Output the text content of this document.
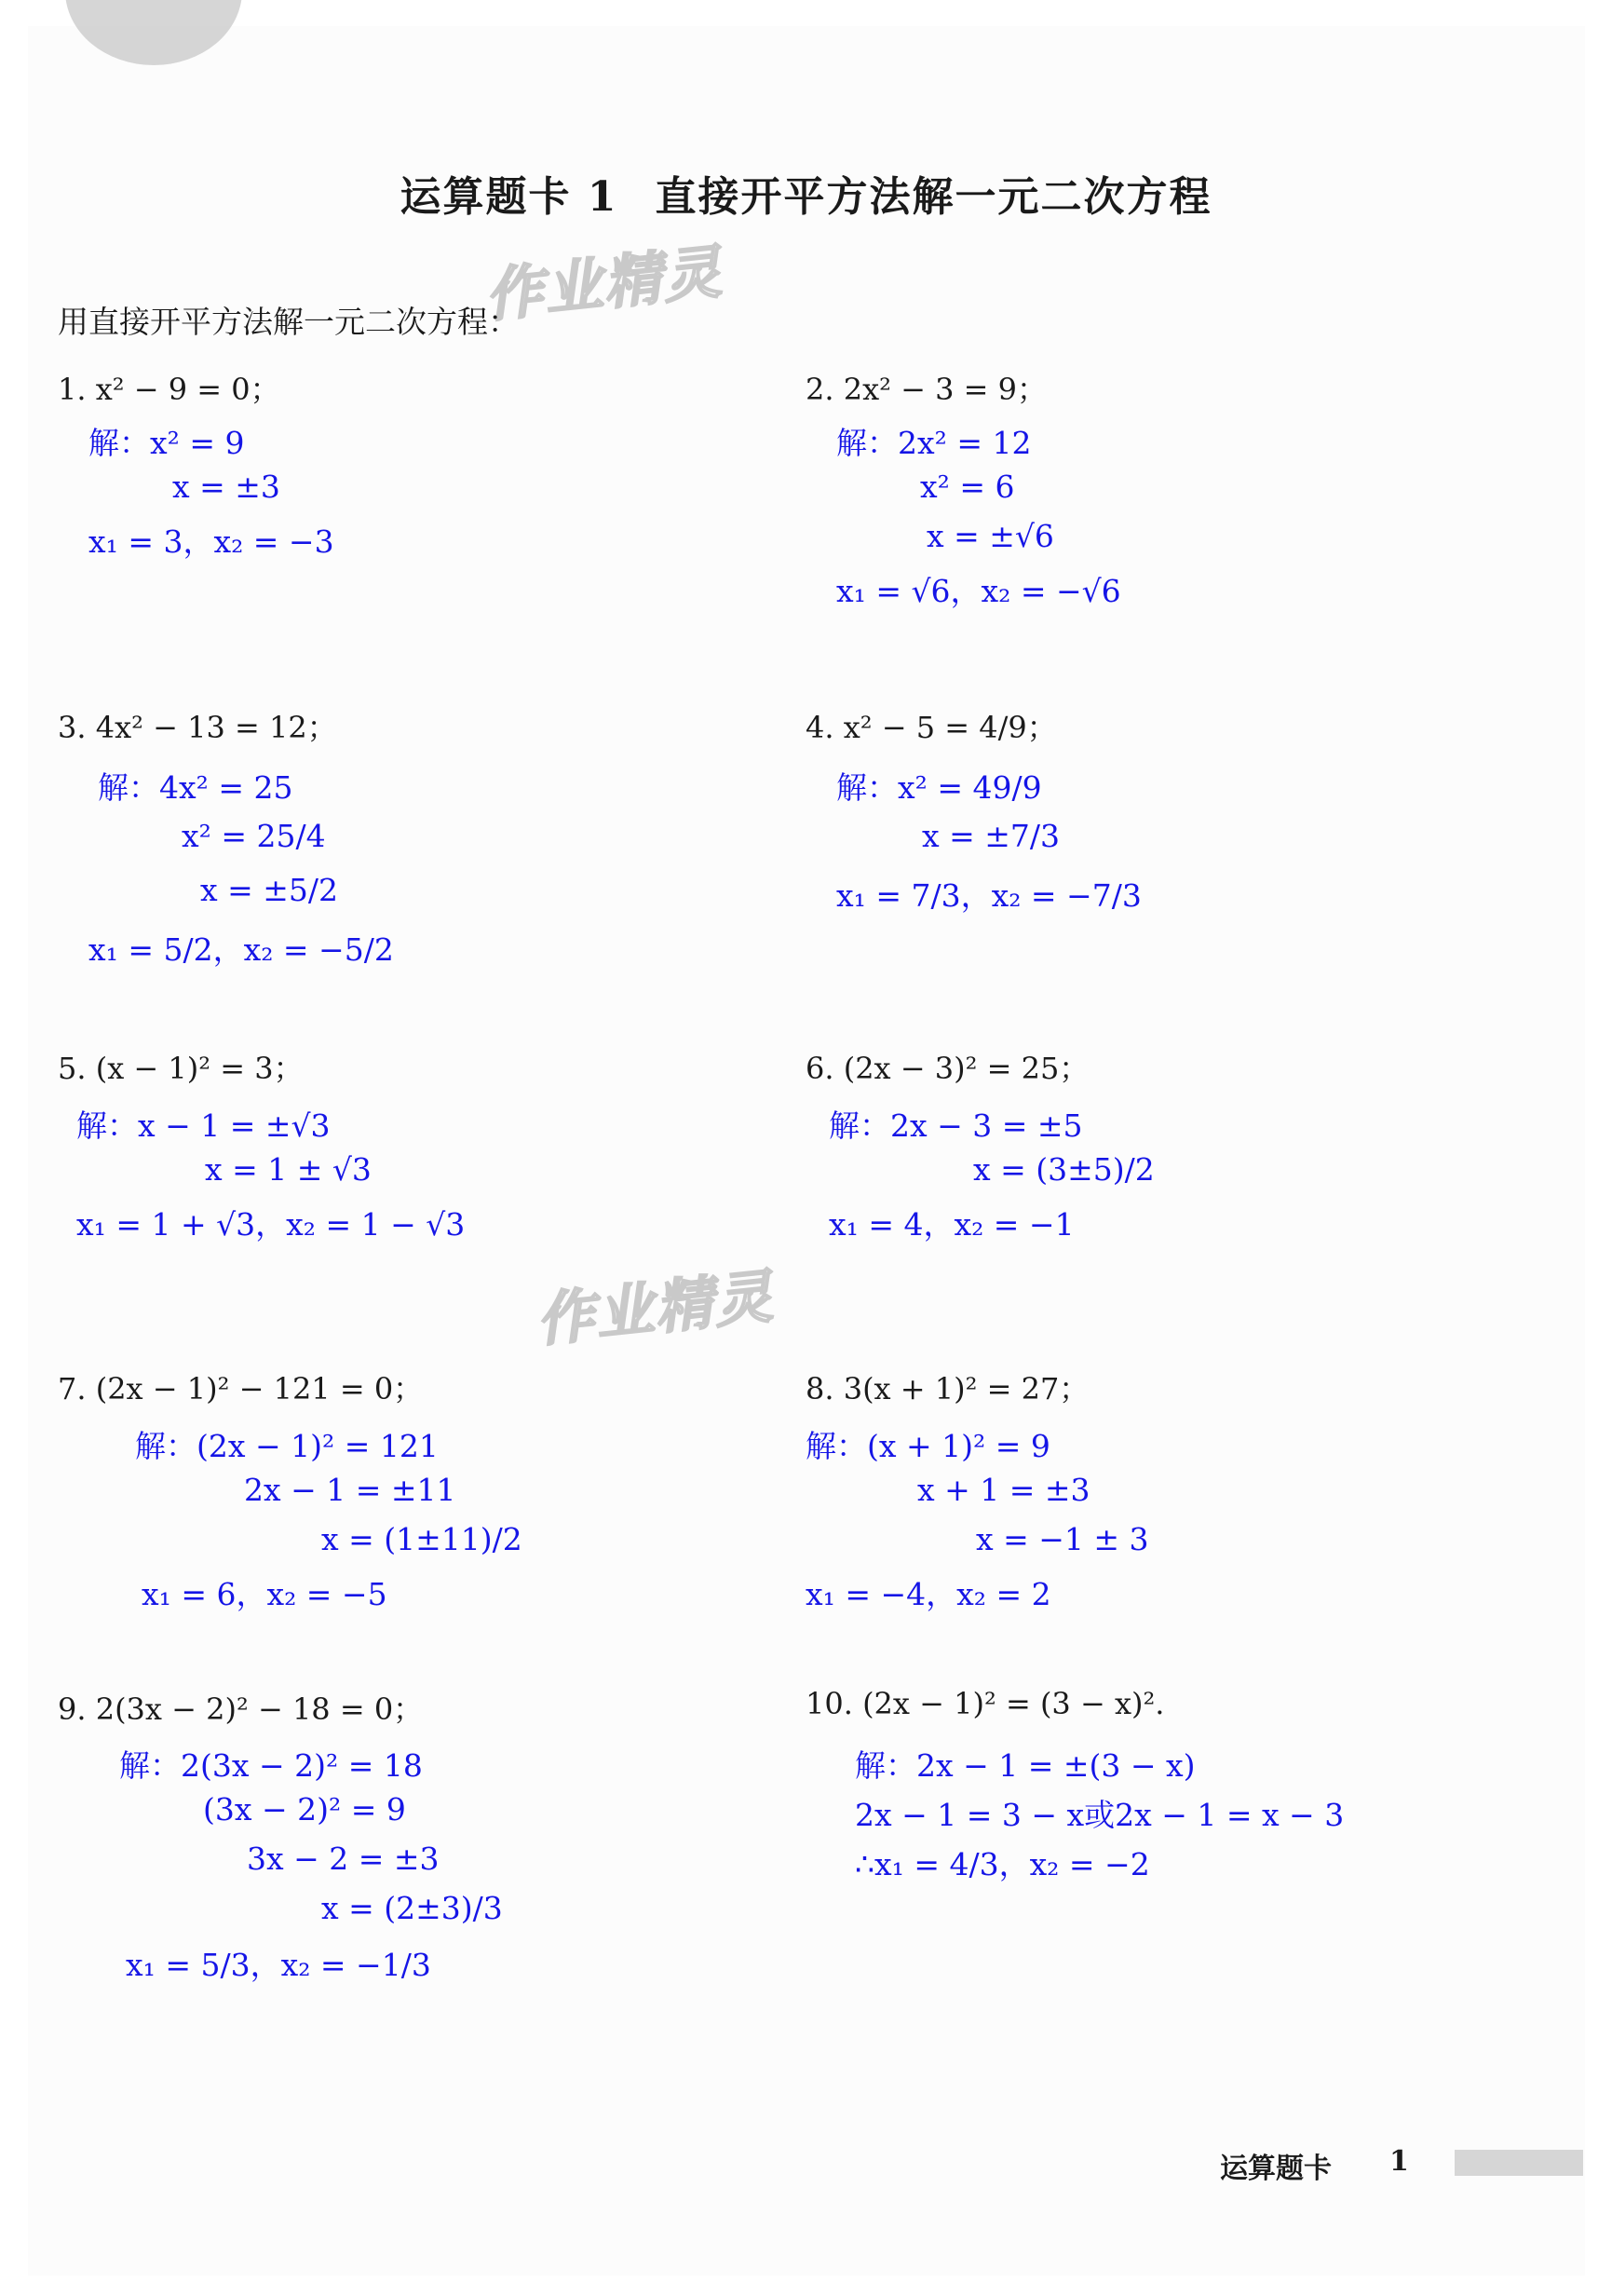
运算题卡 1 直接开平方法解一元二次方程
作业精灵
作业精灵
用直接开平方法解一元二次方程：
1. x² − 9 = 0；	2. 2x² − 3 = 9；
3. 4x² − 13 = 12；	4. x² − 5 = 4/9；
5. (x − 1)² = 3；	6. (2x − 3)² = 25；
7. (2x − 1)² − 121 = 0；	8. 3(x + 1)² = 27；
9. 2(3x − 2)² − 18 = 0；	10. (2x − 1)² = (3 − x)².
解：x² = 9
x = ±3
x₁ = 3，x₂ = −3
解：2x² = 12
x² = 6
x = ±√6
x₁ = √6，x₂ = −√6
解：4x² = 25
x² = 25/4
x = ±5/2
x₁ = 5/2，x₂ = −5/2
解：x² = 49/9
x = ±7/3
x₁ = 7/3，x₂ = −7/3
解：x − 1 = ±√3
x = 1 ± √3
x₁ = 1 + √3，x₂ = 1 − √3
解：2x − 3 = ±5
x = (3±5)/2
x₁ = 4，x₂ = −1
解：(2x − 1)² = 121
2x − 1 = ±11
x = (1±11)/2
x₁ = 6，x₂ = −5
解：(x + 1)² = 9
x + 1 = ±3
x = −1 ± 3
x₁ = −4，x₂ = 2
解：2(3x − 2)² = 18
(3x − 2)² = 9
3x − 2 = ±3
x = (2±3)/3
x₁ = 5/3，x₂ = −1/3
解：2x − 1 = ±(3 − x)
2x − 1 = 3 − x或2x − 1 = x − 3
∴x₁ = 4/3，x₂ = −2
运算题卡 1
